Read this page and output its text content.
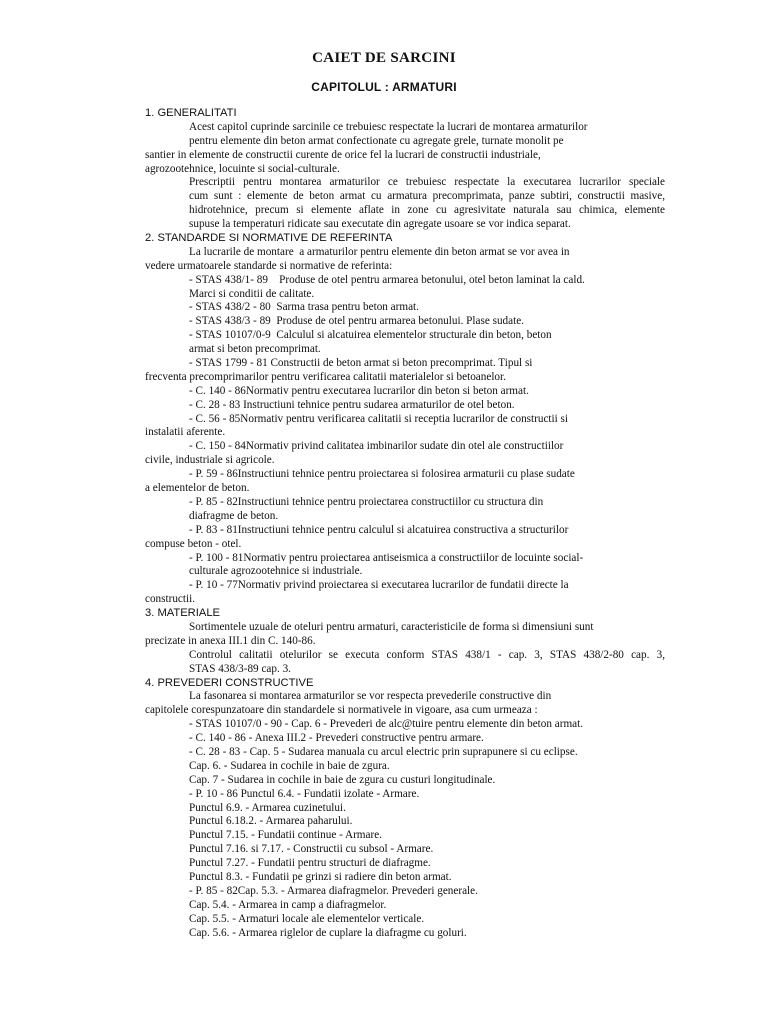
CAIET DE SARCINI
CAPITOLUL : ARMATURI
1. GENERALITATI
Acest capitol cuprinde sarcinile ce trebuiesc respectate la lucrari de montarea armaturilor
pentru elemente din beton armat confectionate cu agregate grele, turnate monolit pe
santier in elemente de constructii curente de orice fel la lucrari de constructii industriale,
agrozootehnice, locuinte si social-culturale.
Prescriptii pentru montarea armaturilor ce trebuiesc respectate la executarea lucrarilor speciale
cum sunt : elemente de beton armat cu armatura precomprimata, panze subtiri, constructii masive,
hidrotehnice, precum si elemente aflate in zone cu agresivitate naturala sau chimica, elemente
supuse la temperaturi ridicate sau executate din agregate usoare se vor indica separat.
2. STANDARDE SI NORMATIVE DE REFERINTA
La lucrarile de montare  a armaturilor pentru elemente din beton armat se vor avea in
vedere urmatoarele standarde si normative de referinta:
- STAS 438/1- 89    Produse de otel pentru armarea betonului, otel beton laminat la cald.
Marci si conditii de calitate.
- STAS 438/2 - 80  Sarma trasa pentru beton armat.
- STAS 438/3 - 89  Produse de otel pentru armarea betonului. Plase sudate.
- STAS 10107/0-9  Calculul si alcatuirea elementelor structurale din beton, beton
armat si beton precomprimat.
- STAS 1799 - 81 Constructii de beton armat si beton precomprimat. Tipul si
frecventa precomprimarilor pentru verificarea calitatii materialelor si betoanelor.
- C. 140 - 86Normativ pentru executarea lucrarilor din beton si beton armat.
- C. 28 - 83 Instructiuni tehnice pentru sudarea armaturilor de otel beton.
- C. 56 - 85Normativ pentru verificarea calitatii si receptia lucrarilor de constructii si
instalatii aferente.
- C. 150 - 84Normativ privind calitatea imbinarilor sudate din otel ale constructiilor
civile, industriale si agricole.
- P. 59 - 86Instructiuni tehnice pentru proiectarea si folosirea armaturii cu plase sudate
a elementelor de beton.
- P. 85 - 82Instructiuni tehnice pentru proiectarea constructiilor cu structura din
diafragme de beton.
- P. 83 - 81Instructiuni tehnice pentru calculul si alcatuirea constructiva a structurilor
compuse beton - otel.
- P. 100 - 81Normativ pentru proiectarea antiseismica a constructiilor de locuinte social-
culturale agrozootehnice si industriale.
- P. 10 - 77Normativ privind proiectarea si executarea lucrarilor de fundatii directe la
constructii.
3. MATERIALE
Sortimentele uzuale de oteluri pentru armaturi, caracteristicile de forma si dimensiuni sunt
precizate in anexa III.1 din C. 140-86.
Controlul calitatii otelurilor se executa conform STAS 438/1 - cap. 3, STAS 438/2-80 cap. 3,
STAS 438/3-89 cap. 3.
4. PREVEDERI CONSTRUCTIVE
La fasonarea si montarea armaturilor se vor respecta prevederile constructive din
capitolele corespunzatoare din standardele si normativele in vigoare, asa cum urmeaza :
- STAS 10107/0 - 90 - Cap. 6 - Prevederi de alc@tuire pentru elemente din beton armat.
- C. 140 - 86 - Anexa III.2 - Prevederi constructive pentru armare.
- C. 28 - 83 - Cap. 5 - Sudarea manuala cu arcul electric prin suprapunere si cu eclipse.
Cap. 6. - Sudarea in cochile in baie de zgura.
Cap. 7 - Sudarea in cochile in baie de zgura cu custuri longitudinale.
- P. 10 - 86 Punctul 6.4. - Fundatii izolate - Armare.
Punctul 6.9. - Armarea cuzinetului.
Punctul 6.18.2. - Armarea paharului.
Punctul 7.15. - Fundatii continue - Armare.
Punctul 7.16. si 7.17. - Constructii cu subsol - Armare.
Punctul 7.27. - Fundatii pentru structuri de diafragme.
Punctul 8.3. - Fundatii pe grinzi si radiere din beton armat.
- P. 85 - 82Cap. 5.3. - Armarea diafragmelor. Prevederi generale.
Cap. 5.4. - Armarea in camp a diafragmelor.
Cap. 5.5. - Armaturi locale ale elementelor verticale.
Cap. 5.6. - Armarea riglelor de cuplare la diafragme cu goluri.
